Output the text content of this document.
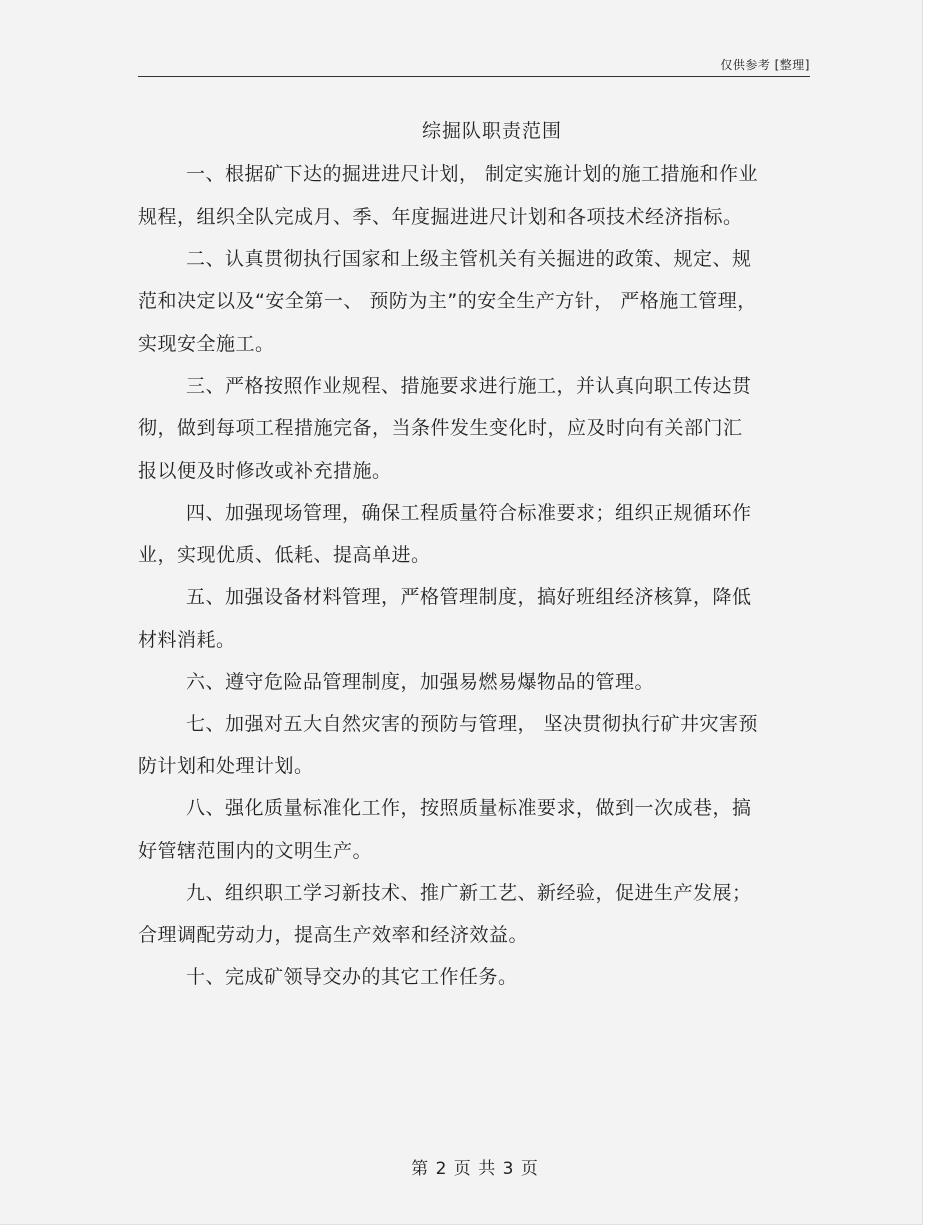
仅供参考 [整理]
综掘队职责范围
一、根据矿下达的掘进进尺计划， 制定实施计划的施工措施和作业
规程，组织全队完成月、季、年度掘进进尺计划和各项技术经济指标。
二、认真贯彻执行国家和上级主管机关有关掘进的政策、规定、规
范和决定以及“安全第一、 预防为主”的安全生产方针， 严格施工管理，
实现安全施工。
三、严格按照作业规程、措施要求进行施工，并认真向职工传达贯
彻，做到每项工程措施完备，当条件发生变化时，应及时向有关部门汇
报以便及时修改或补充措施。
四、加强现场管理，确保工程质量符合标准要求；组织正规循环作
业，实现优质、低耗、提高单进。
五、加强设备材料管理，严格管理制度，搞好班组经济核算，降低
材料消耗。
六、遵守危险品管理制度，加强易燃易爆物品的管理。
七、加强对五大自然灾害的预防与管理， 坚决贯彻执行矿井灾害预
防计划和处理计划。
八、强化质量标准化工作，按照质量标准要求，做到一次成巷，搞
好管辖范围内的文明生产。
九、组织职工学习新技术、推广新工艺、新经验，促进生产发展；
合理调配劳动力，提高生产效率和经济效益。
十、完成矿领导交办的其它工作任务。
第 2 页 共 3 页
